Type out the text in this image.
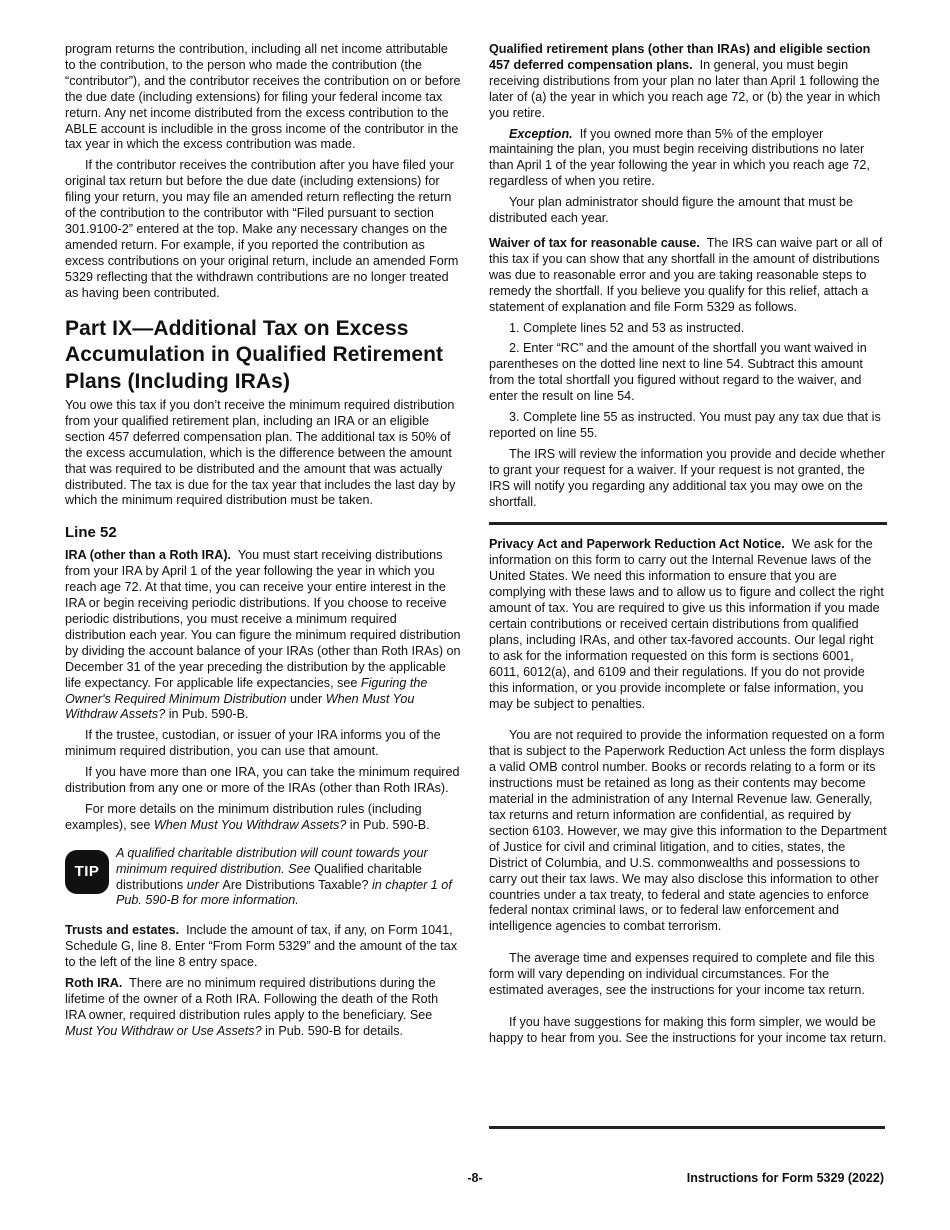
program returns the contribution, including all net income attributable to the contribution, to the person who made the contribution (the “contributor”), and the contributor receives the contribution on or before the due date (including extensions) for filing your federal income tax return. Any net income distributed from the excess contribution to the ABLE account is includible in the gross income of the contributor in the tax year in which the excess contribution was made.

If the contributor receives the contribution after you have filed your original tax return but before the due date (including extensions) for filing your return, you may file an amended return reflecting the return of the contribution to the contributor with “Filed pursuant to section 301.9100-2” entered at the top. Make any necessary changes on the amended return. For example, if you reported the contribution as excess contributions on your original return, include an amended Form 5329 reflecting that the withdrawn contributions are no longer treated as having been contributed.

Part IX—Additional Tax on Excess Accumulation in Qualified Retirement Plans (Including IRAs)

You owe this tax if you don’t receive the minimum required distribution from your qualified retirement plan, including an IRA or an eligible section 457 deferred compensation plan. The additional tax is 50% of the excess accumulation, which is the difference between the amount that was required to be distributed and the amount that was actually distributed. The tax is due for the tax year that includes the last day by which the minimum required distribution must be taken.

Line 52

IRA (other than a Roth IRA). You must start receiving distributions from your IRA by April 1 of the year following the year in which you reach age 72. At that time, you can receive your entire interest in the IRA or begin receiving periodic distributions. If you choose to receive periodic distributions, you must receive a minimum required distribution each year. You can figure the minimum required distribution by dividing the account balance of your IRAs (other than Roth IRAs) on December 31 of the year preceding the distribution by the applicable life expectancy. For applicable life expectancies, see Figuring the Owner's Required Minimum Distribution under When Must You Withdraw Assets? in Pub. 590-B.

If the trustee, custodian, or issuer of your IRA informs you of the minimum required distribution, you can use that amount.

If you have more than one IRA, you can take the minimum required distribution from any one or more of the IRAs (other than Roth IRAs).

For more details on the minimum distribution rules (including examples), see When Must You Withdraw Assets? in Pub. 590-B.

TIP
A qualified charitable distribution will count towards your minimum required distribution. See Qualified charitable distributions under Are Distributions Taxable? in chapter 1 of Pub. 590-B for more information.

Trusts and estates. Include the amount of tax, if any, on Form 1041, Schedule G, line 8. Enter “From Form 5329” and the amount of the tax to the left of the line 8 entry space.

Roth IRA. There are no minimum required distributions during the lifetime of the owner of a Roth IRA. Following the death of the Roth IRA owner, required distribution rules apply to the beneficiary. See Must You Withdraw or Use Assets? in Pub. 590-B for details.

Qualified retirement plans (other than IRAs) and eligible section 457 deferred compensation plans. In general, you must begin receiving distributions from your plan no later than April 1 following the later of (a) the year in which you reach age 72, or (b) the year in which you retire.

Exception. If you owned more than 5% of the employer maintaining the plan, you must begin receiving distributions no later than April 1 of the year following the year in which you reach age 72, regardless of when you retire.

Your plan administrator should figure the amount that must be distributed each year.

Waiver of tax for reasonable cause. The IRS can waive part or all of this tax if you can show that any shortfall in the amount of distributions was due to reasonable error and you are taking reasonable steps to remedy the shortfall. If you believe you qualify for this relief, attach a statement of explanation and file Form 5329 as follows.

1. Complete lines 52 and 53 as instructed.

2. Enter “RC” and the amount of the shortfall you want waived in parentheses on the dotted line next to line 54. Subtract this amount from the total shortfall you figured without regard to the waiver, and enter the result on line 54.

3. Complete line 55 as instructed. You must pay any tax due that is reported on line 55.

The IRS will review the information you provide and decide whether to grant your request for a waiver. If your request is not granted, the IRS will notify you regarding any additional tax you may owe on the shortfall.

Privacy Act and Paperwork Reduction Act Notice. We ask for the information on this form to carry out the Internal Revenue laws of the United States. We need this information to ensure that you are complying with these laws and to allow us to figure and collect the right amount of tax. You are required to give us this information if you made certain contributions or received certain distributions from qualified plans, including IRAs, and other tax-favored accounts. Our legal right to ask for the information requested on this form is sections 6001, 6011, 6012(a), and 6109 and their regulations. If you do not provide this information, or you provide incomplete or false information, you may be subject to penalties.

You are not required to provide the information requested on a form that is subject to the Paperwork Reduction Act unless the form displays a valid OMB control number. Books or records relating to a form or its instructions must be retained as long as their contents may become material in the administration of any Internal Revenue law. Generally, tax returns and return information are confidential, as required by section 6103. However, we may give this information to the Department of Justice for civil and criminal litigation, and to cities, states, the District of Columbia, and U.S. commonwealths and possessions to carry out their tax laws. We may also disclose this information to other countries under a tax treaty, to federal and state agencies to enforce federal nontax criminal laws, or to federal law enforcement and intelligence agencies to combat terrorism.

The average time and expenses required to complete and file this form will vary depending on individual circumstances. For the estimated averages, see the instructions for your income tax return.

If you have suggestions for making this form simpler, we would be happy to hear from you. See the instructions for your income tax return.

-8-	Instructions for Form 5329 (2022)
